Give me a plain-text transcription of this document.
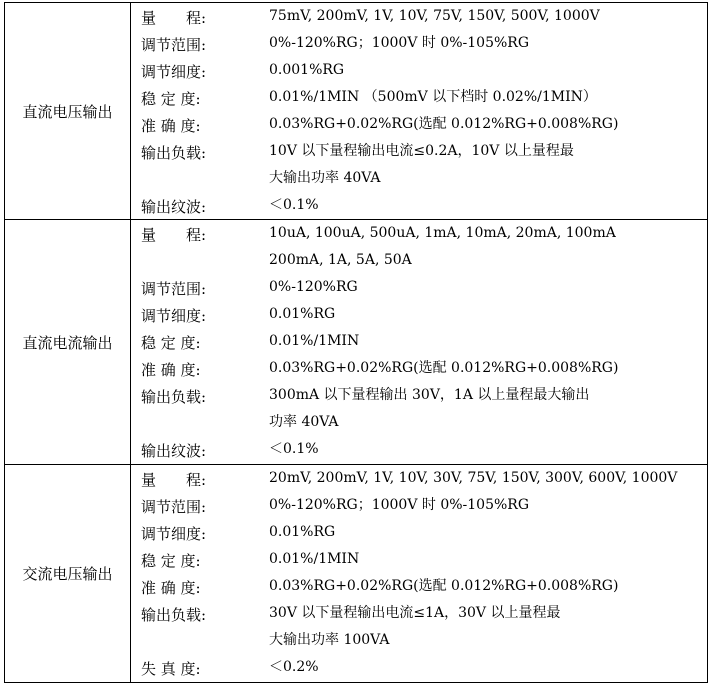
直流电压输出
量　　程:	75mV, 200mV, 1V, 10V, 75V, 150V, 500V, 1000V
调节范围:	0%-120%RG；1000V 时 0%-105%RG
调节细度:	0.001%RG
稳 定 度:	0.01%/1MIN （500mV 以下档时 0.02%/1MIN）
准 确 度:	0.03%RG+0.02%RG(选配 0.012%RG+0.008%RG)
输出负载:	10V 以下量程输出电流≤0.2A，10V 以上量程最
大输出功率 40VA
输出纹波:	＜0.1%
直流电流输出
量　　程:	10uA, 100uA, 500uA, 1mA, 10mA, 20mA, 100mA
200mA, 1A, 5A, 50A
调节范围:	0%-120%RG
调节细度:	0.01%RG
稳 定 度:	0.01%/1MIN
准 确 度:	0.03%RG+0.02%RG(选配 0.012%RG+0.008%RG)
输出负载:	300mA 以下量程输出 30V，1A 以上量程最大输出
功率 40VA
输出纹波:	＜0.1%
交流电压输出
量　　程:	20mV, 200mV, 1V, 10V, 30V, 75V, 150V, 300V, 600V, 1000V
调节范围:	0%-120%RG；1000V 时 0%-105%RG
调节细度:	0.01%RG
稳 定 度:	0.01%/1MIN
准 确 度:	0.03%RG+0.02%RG(选配 0.012%RG+0.008%RG)
输出负载:	30V 以下量程输出电流≤1A，30V 以上量程最
大输出功率 100VA
失 真 度:	＜0.2%
